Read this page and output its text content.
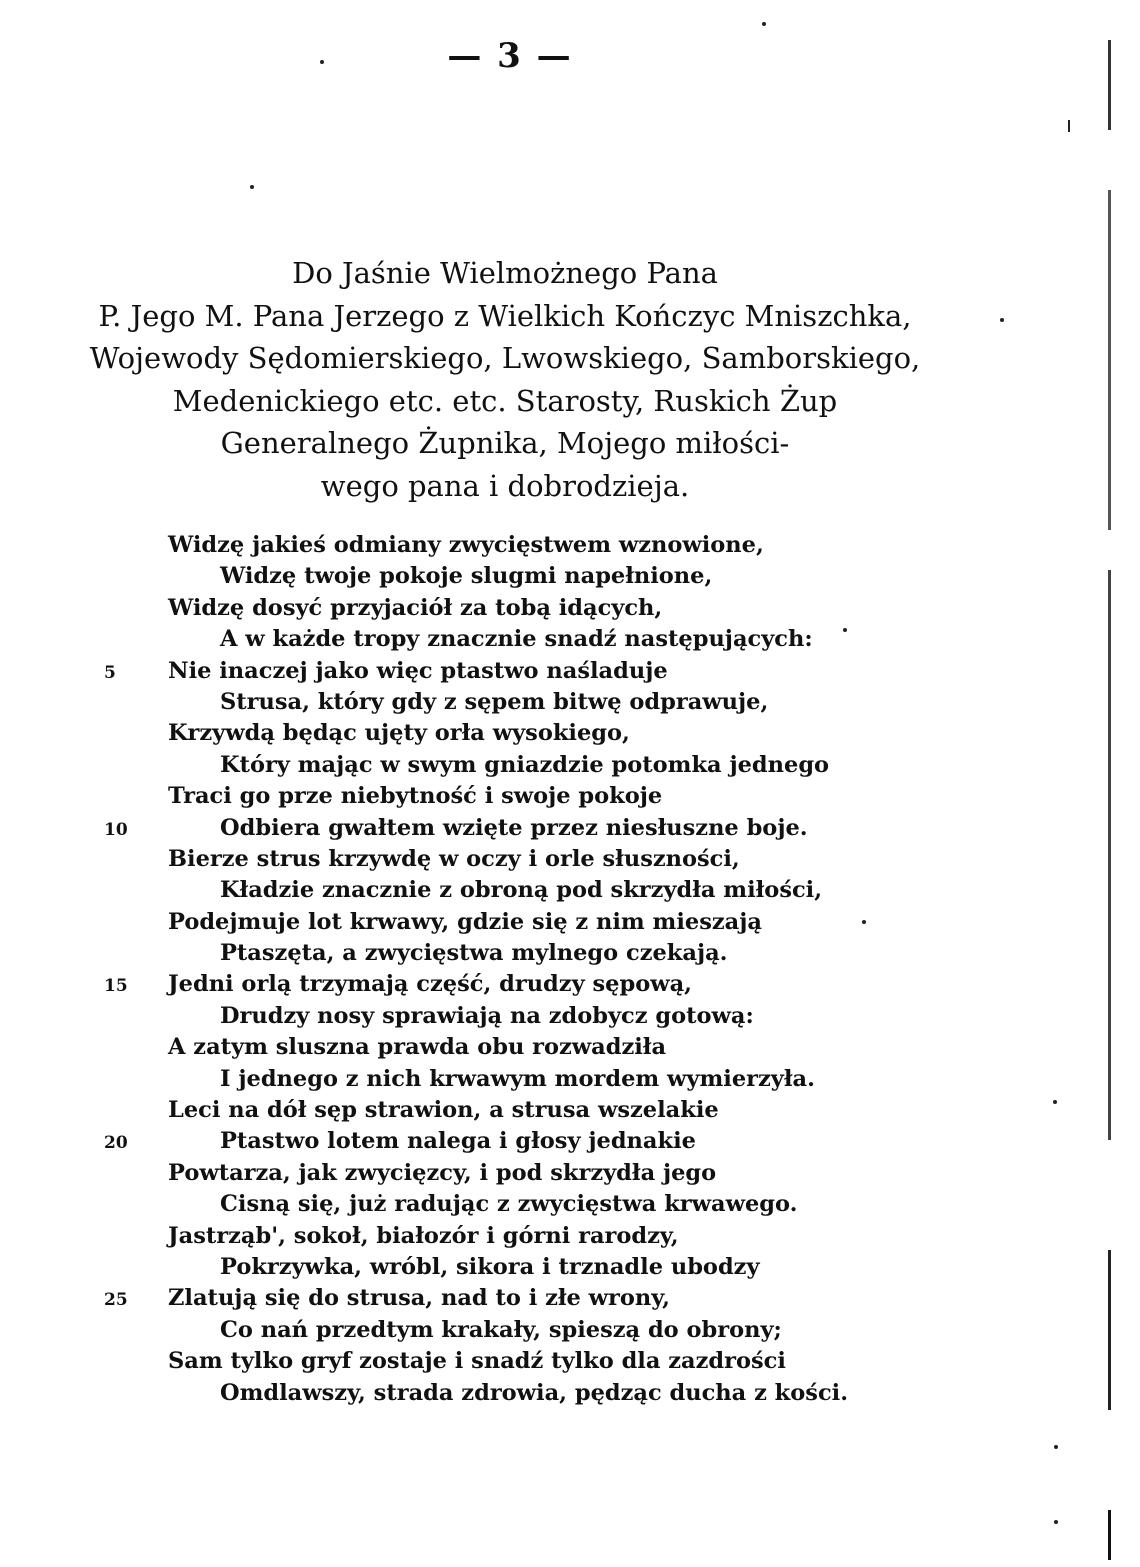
— 3 —
Do Jaśnie Wielmożnego Pana
P. Jego M. Pana Jerzego z Wielkich Kończyc Mniszchka,
Wojewody Sędomierskiego, Lwowskiego, Samborskiego,
Medenickiego etc. etc. Starosty, Ruskich Żup
Generalnego Żupnika, Mojego miłości-
wego pana i dobrodzieja.
Widzę jakieś odmiany zwycięstwem wznowione,
Widzę twoje pokoje slugmi napełnione,
Widzę dosyć przyjaciół za tobą idących,
A w każde tropy znacznie snadź następujących:
5	Nie inaczej jako więc ptastwo naśladuje
Strusa, który gdy z sępem bitwę odprawuje,
Krzywdą będąc ujęty orła wysokiego,
Który mając w swym gniazdzie potomka jednego
Traci go prze niebytność i swoje pokoje
10	Odbiera gwałtem wzięte przez niesłuszne boje.
Bierze strus krzywdę w oczy i orle słuszności,
Kładzie znacznie z obroną pod skrzydła miłości,
Podejmuje lot krwawy, gdzie się z nim mieszają
Ptaszęta, a zwycięstwa mylnego czekają.
15	Jedni orlą trzymają część, drudzy sępową,
Drudzy nosy sprawiają na zdobycz gotową:
A zatym sluszna prawda obu rozwadziła
I jednego z nich krwawym mordem wymierzyła.
Leci na dół sęp strawion, a strusa wszelakie
20	Ptastwo lotem nalega i głosy jednakie
Powtarza, jak zwycięzcy, i pod skrzydła jego
Cisną się, już radując z zwycięstwa krwawego.
Jastrząb', sokoł, białozór i górni rarodzy,
Pokrzywka, wróbl, sikora i trznadle ubodzy
25	Zlatują się do strusa, nad to i złe wrony,
Co nań przedtym krakały, spieszą do obrony;
Sam tylko gryf zostaje i snadź tylko dla zazdrości
Omdlawszy, strada zdrowia, pędząc ducha z kości.
